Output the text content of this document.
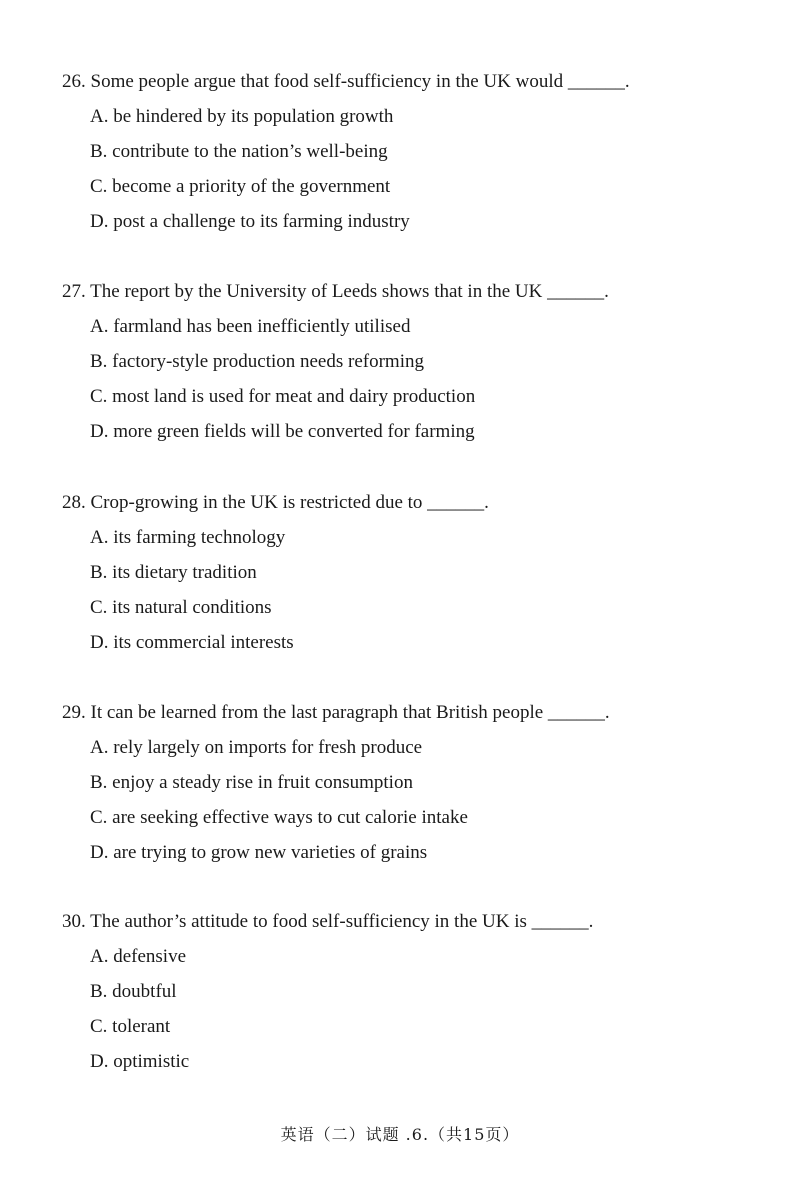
26. Some people argue that food self-sufficiency in the UK would ______.
A. be hindered by its population growth
B. contribute to the nation’s well-being
C. become a priority of the government
D. post a challenge to its farming industry
27. The report by the University of Leeds shows that in the UK ______.
A. farmland has been inefficiently utilised
B. factory-style production needs reforming
C. most land is used for meat and dairy production
D. more green fields will be converted for farming
28. Crop-growing in the UK is restricted due to ______.
A. its farming technology
B. its dietary tradition
C. its natural conditions
D. its commercial interests
29. It can be learned from the last paragraph that British people ______.
A. rely largely on imports for fresh produce
B. enjoy a steady rise in fruit consumption
C. are seeking effective ways to cut calorie intake
D. are trying to grow new varieties of grains
30. The author’s attitude to food self-sufficiency in the UK is ______.
A. defensive
B. doubtful
C. tolerant
D. optimistic
英语（二）试题 .6.（共15页）
